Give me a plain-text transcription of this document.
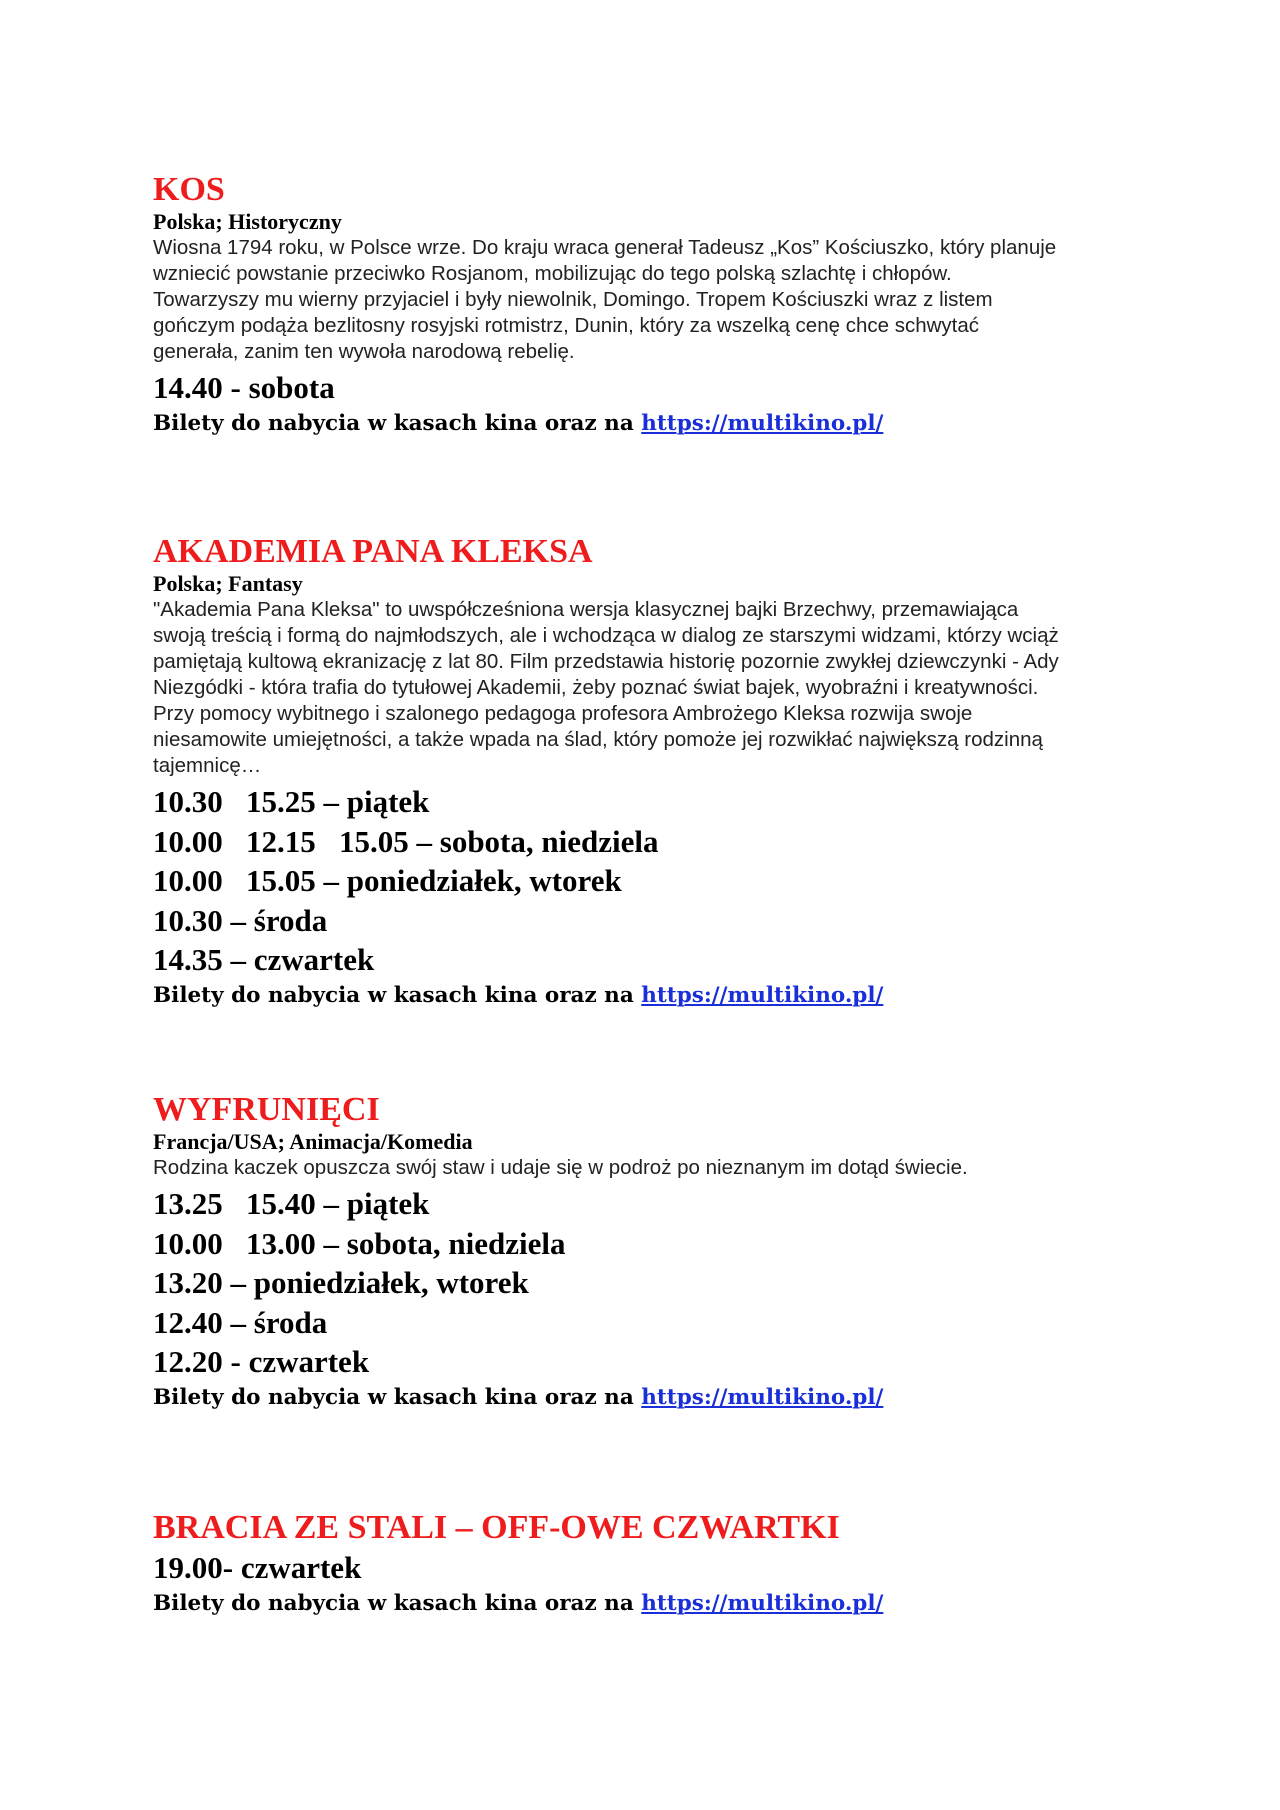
KOS

Polska; Historyczny

Wiosna 1794 roku, w Polsce wrze. Do kraju wraca generał Tadeusz „Kos” Kościuszko, który planuje

wzniecić powstanie przeciwko Rosjanom, mobilizując do tego polską szlachtę i chłopów.

Towarzyszy mu wierny przyjaciel i były niewolnik, Domingo. Tropem Kościuszki wraz z listem

gończym podąża bezlitosny rosyjski rotmistrz, Dunin, który za wszelką cenę chce schwytać

generała, zanim ten wywoła narodową rebelię.

14.40 - sobota

Bilety do nabycia w kasach kina oraz na https://multikino.pl/

AKADEMIA PANA KLEKSA

Polska; Fantasy

"Akademia Pana Kleksa" to uwspółcześniona wersja klasycznej bajki Brzechwy, przemawiająca

swoją treścią i formą do najmłodszych, ale i wchodząca w dialog ze starszymi widzami, którzy wciąż

pamiętają kultową ekranizację z lat 80. Film przedstawia historię pozornie zwykłej dziewczynki - Ady

Niezgódki - która trafia do tytułowej Akademii, żeby poznać świat bajek, wyobraźni i kreatywności.

Przy pomocy wybitnego i szalonego pedagoga profesora Ambrożego Kleksa rozwija swoje

niesamowite umiejętności, a także wpada na ślad, który pomoże jej rozwikłać największą rodzinną

tajemnicę…

10.30   15.25 – piątek
10.00   12.15   15.05 – sobota, niedziela
10.00   15.05 – poniedziałek, wtorek
10.30 – środa
14.35 – czwartek

Bilety do nabycia w kasach kina oraz na https://multikino.pl/

WYFRUNIĘCI

Francja/USA; Animacja/Komedia

Rodzina kaczek opuszcza swój staw i udaje się w podroż po nieznanym im dotąd świecie.

13.25   15.40 – piątek
10.00   13.00 – sobota, niedziela
13.20 – poniedziałek, wtorek
12.40 – środa
12.20 - czwartek

Bilety do nabycia w kasach kina oraz na https://multikino.pl/

BRACIA ZE STALI – OFF-OWE CZWARTKI
19.00- czwartek

Bilety do nabycia w kasach kina oraz na https://multikino.pl/
